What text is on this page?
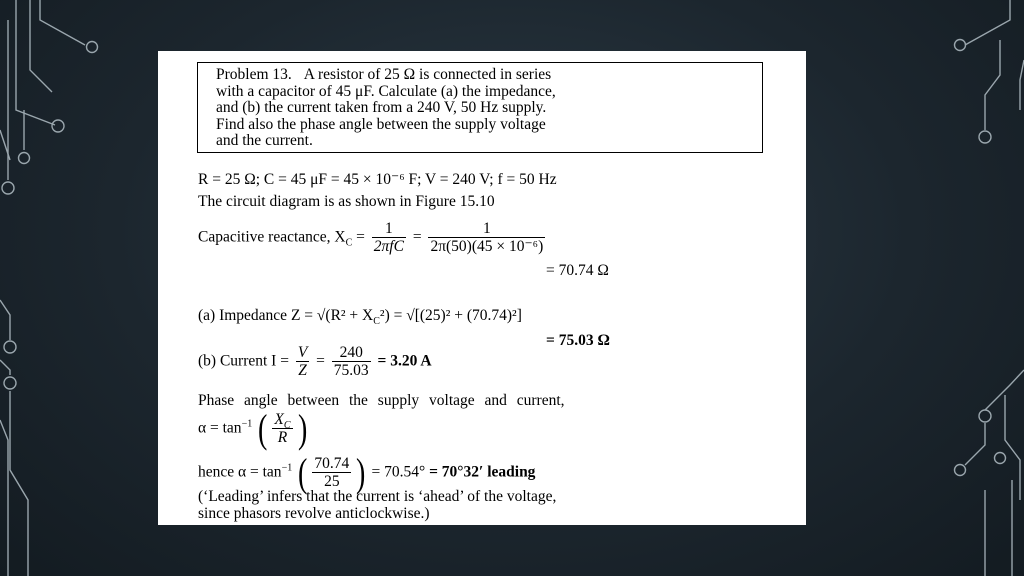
Problem 13. A resistor of 25 Ω is connected in series
with a capacitor of 45 μF. Calculate (a) the impedance,
and (b) the current taken from a 240 V, 50 Hz supply.
Find also the phase angle between the supply voltage
and the current.
R = 25 Ω; C = 45 μF = 45 × 10⁻⁶ F; V = 240 V; f = 50 Hz
The circuit diagram is as shown in Figure 15.10
Capacitive reactance, $X_C = \frac{1}{\text{2πfC}} = \frac{1}{\text{2π(50)(45 × 10⁻⁶)}}$
= 70.74 Ω
(a) Impedance $Z = √(R^2 + X_C^2) = √[(25)^2 + (70.74)^2]$
= 75.03 Ω
(b) Current $I = \frac{V}{Z} = \frac{240}{75.03} = 3.20$ A
Phase angle between the supply voltage and current,
$\alpha = \tan^{-1}$ ( $\frac{X_C}{R}$ )
hence $\alpha = \tan^{-1}$ ( $\frac{70.74}{25}$ ) = 70.54° = 70°32′ leading
(‘Leading’ infers that the current is ‘ahead’ of the voltage,
since phasors revolve anticlockwise.)
